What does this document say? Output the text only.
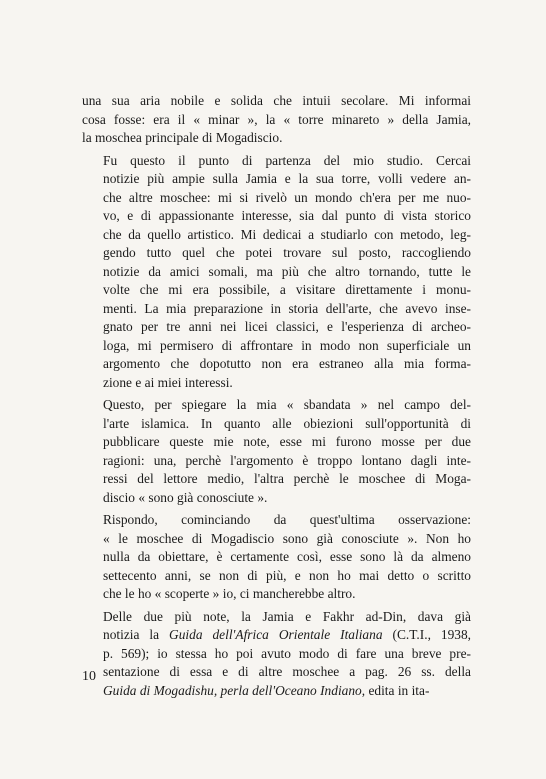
una sua aria nobile e solida che intuii secolare. Mi informai
cosa fosse: era il « minar », la « torre minareto » della Jamia,
la moschea principale di Mogadiscio.

Fu questo il punto di partenza del mio studio. Cercai
notizie più ampie sulla Jamia e la sua torre, volli vedere an-
che altre moschee: mi si rivelò un mondo ch'era per me nuo-
vo, e di appassionante interesse, sia dal punto di vista storico
che da quello artistico. Mi dedicai a studiarlo con metodo, leg-
gendo tutto quel che potei trovare sul posto, raccogliendo
notizie da amici somali, ma più che altro tornando, tutte le
volte che mi era possibile, a visitare direttamente i monu-
menti. La mia preparazione in storia dell'arte, che avevo inse-
gnato per tre anni nei licei classici, e l'esperienza di archeo-
loga, mi permisero di affrontare in modo non superficiale un
argomento che dopotutto non era estraneo alla mia forma-
zione e ai miei interessi.

Questo, per spiegare la mia « sbandata » nel campo del-
l'arte islamica. In quanto alle obiezioni sull'opportunità di
pubblicare queste mie note, esse mi furono mosse per due
ragioni: una, perchè l'argomento è troppo lontano dagli inte-
ressi del lettore medio, l'altra perchè le moschee di Moga-
discio « sono già conosciute ».

Rispondo, cominciando da quest'ultima osservazione:
« le moschee di Mogadiscio sono già conosciute ». Non ho
nulla da obiettare, è certamente così, esse sono là da almeno
settecento anni, se non di più, e non ho mai detto o scritto
che le ho « scoperte » io, ci mancherebbe altro.

Delle due più note, la Jamia e Fakhr ad-Din, dava già
notizia la Guida dell'Africa Orientale Italiana (C.T.I., 1938,
p. 569); io stessa ho poi avuto modo di fare una breve pre-
sentazione di essa e di altre moschee a pag. 26 ss. della
Guida di Mogadishu, perla dell'Oceano Indiano, edita in ita-

10
